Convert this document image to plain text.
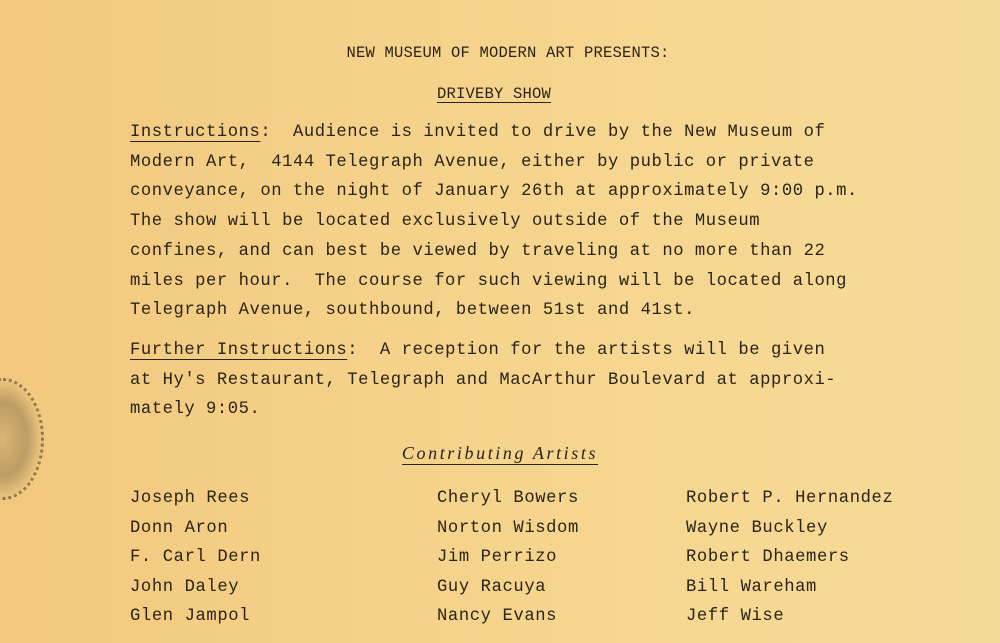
NEW MUSEUM OF MODERN ART PRESENTS:
DRIVEBY SHOW
Instructions:  Audience is invited to drive by the New Museum of
Modern Art,  4144 Telegraph Avenue, either by public or private
conveyance, on the night of January 26th at approximately 9:00 p.m.
The show will be located exclusively outside of the Museum
confines, and can best be viewed by traveling at no more than 22
miles per hour.  The course for such viewing will be located along
Telegraph Avenue, southbound, between 51st and 41st.
Further Instructions:  A reception for the artists will be given
at Hy's Restaurant, Telegraph and MacArthur Boulevard at approxi-
mately 9:05.
Contributing Artists
Joseph Rees
Donn Aron
F. Carl Dern
John Daley
Glen Jampol
Cheryl Bowers
Norton Wisdom
Jim Perrizo
Guy Racuya
Nancy Evans
Robert P. Hernandez
Wayne Buckley
Robert Dhaemers
Bill Wareham
Jeff Wise
